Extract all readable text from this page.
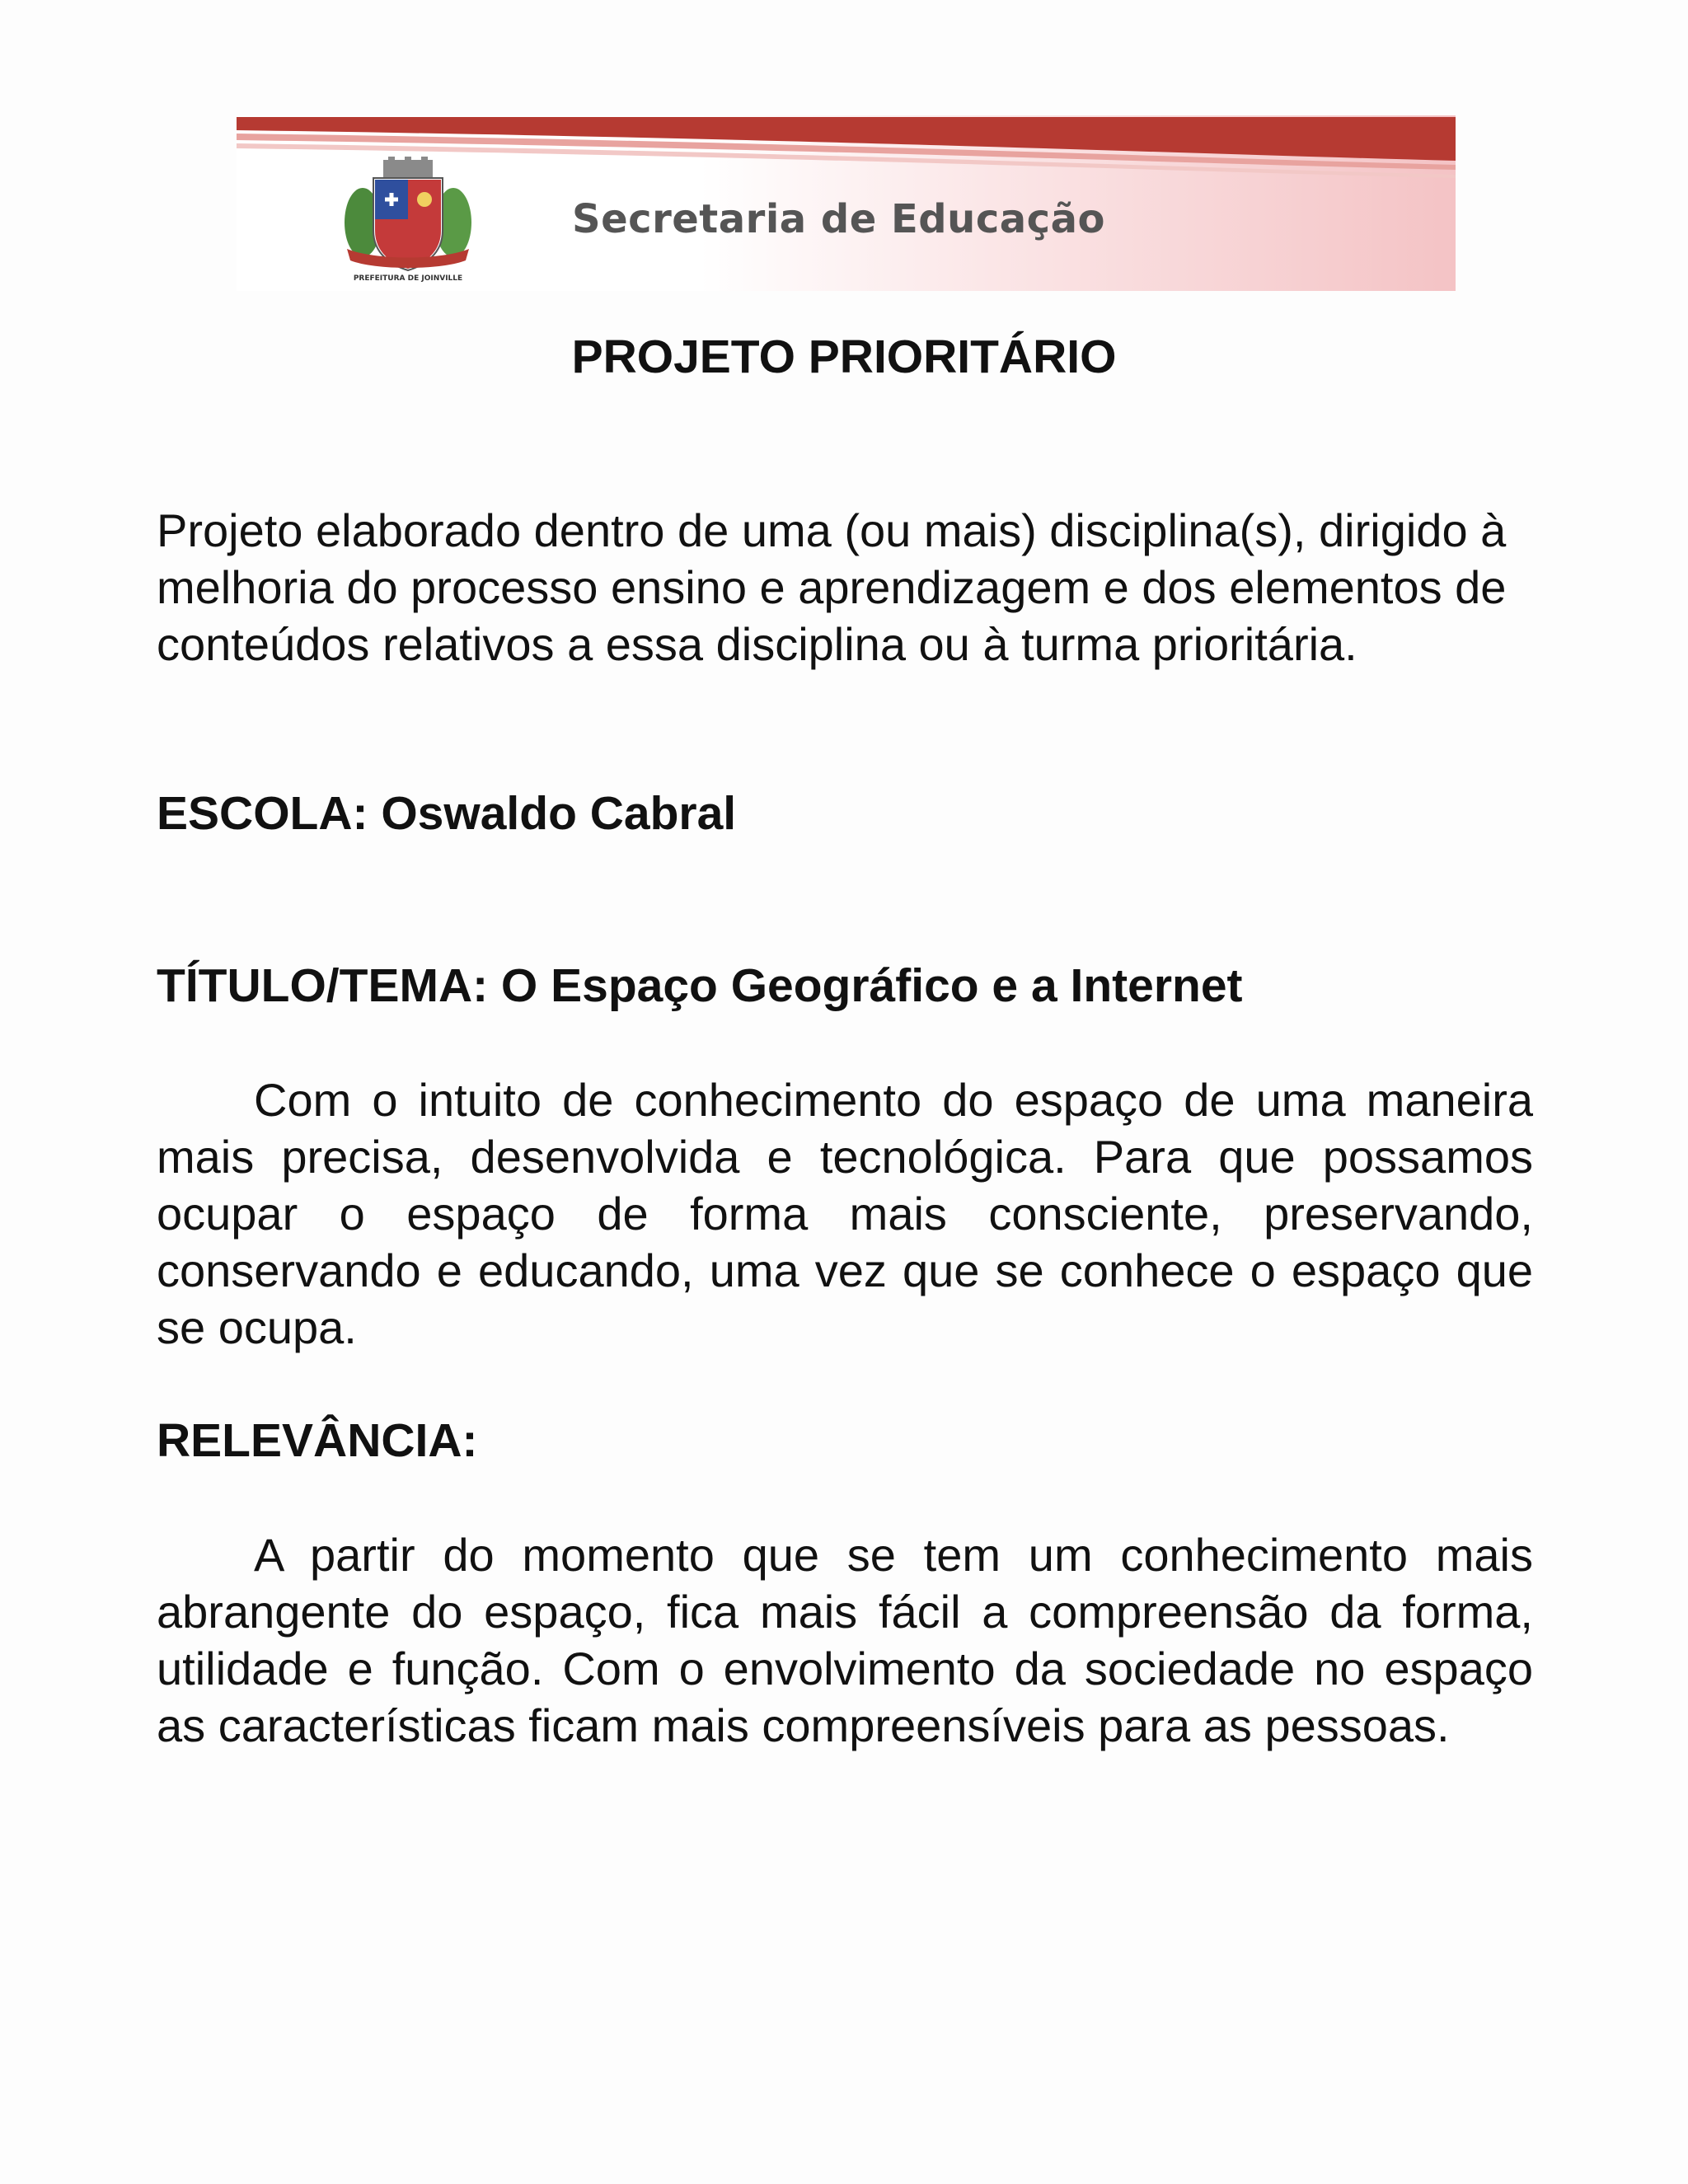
PREFEITURA DE JOINVILLE
Secretaria de Educação
PROJETO PRIORITÁRIO

Projeto elaborado dentro de uma (ou mais) disciplina(s), dirigido à melhoria do processo ensino e aprendizagem e dos elementos de conteúdos relativos a essa disciplina ou à turma prioritária.

ESCOLA: Oswaldo Cabral

TÍTULO/TEMA: O Espaço Geográfico e a Internet

Com o intuito de conhecimento do espaço de uma maneira mais precisa, desenvolvida e tecnológica. Para que possamos ocupar o espaço de forma mais consciente, preservando, conservando e educando, uma vez que se conhece o espaço que se ocupa.

RELEVÂNCIA:

A partir do momento que se tem um conhecimento mais abrangente do espaço, fica mais fácil a compreensão da forma, utilidade e função. Com o envolvimento da sociedade no espaço as características ficam mais compreensíveis para as pessoas.
